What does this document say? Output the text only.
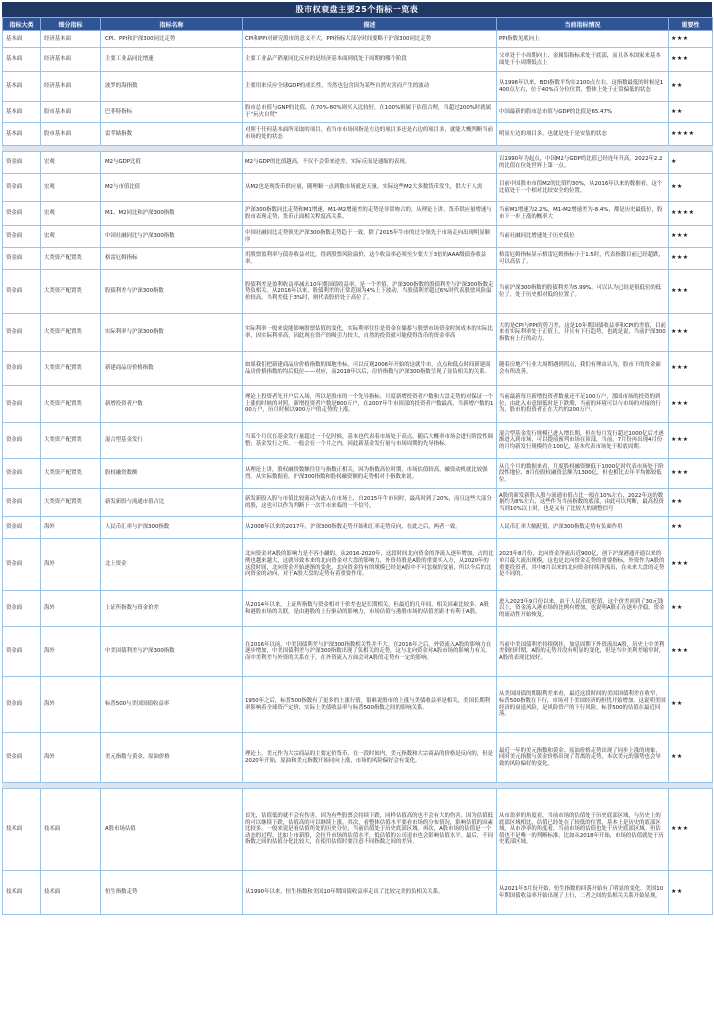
股市权衰盘主要25个指标一览表
指标大类	细分指标	指标名称	描述	当前指标情况	重要性
基本面	经济基本面	CPI、PPI和沪深300同比走势	CPI和PPI对研究股市的意义不大，PPI指标大部分时间要略于沪深300同比走势	PPI指数见底向上	★★★
基本面	经济基本面	主要工业品同比增速	主要工业品产销量同比反应的是经济基本面到底处于周期的哪个阶段	父单处于小周期向上，金属铝指标求处于底部，而且各本国家来基本面处于小周期低点上	★★★
基本面	经济基本面	波罗的海指数	主要用来反应全球GDP的成长性，当然也包含因为某些自然灾害而产生的波动	从1996年以来，BDI指数平均在2100点左右，这指数最低的时候是1400点左右，位于40%百分位位置，整体上处于正常偏低的状态	★★
基本面	股市基本面	巴菲特指标	股市总市值与GNP的比值，在70%-80%则买入比较好，在100%则属于估值合理，当超过200%时就属于“玩火自焚”	中国最新的股市总市值与GDP的比值是65.47%	★★
基本面	股市基本面	雷苹储指数	对照于任何基本面所采取的项目，看当市市场因指是左边的项目多还是右边的项目多，就能大概判断当前市场的处的状态	明显左边的项目多，也就是处于是安装的状态	★★★★

资金面	宏观	M2与GDP比值	M2与GDP的比值越高，不仅不会带来逆差，实际反而是通缩的表现。	以1990年为起点，中国M2与GDP的比值已经连年升高，2022年2.2的比值在位处世界上第一点。	★
资金面	宏观	M2与市值比值	从M2也是现货币供应量，随理顺一点到数市场就是天量，实际这些M2大多数货币发生，供大于人需	目前中国股市市值M2的比值约30%，从2016年以来的数据看，这个比值处于一个相对比较安全的位置。	★★
资金面	宏观	M1、M2同比和沪深300指数	沪深300指数同比走势和M1增速、M1-M2增速差的走势是非常吻合的。从理论上讲，货币供应量增速与股市表现走势，货币正面相关程度高关系。	当前M1增速为2.2%，M1-M2增速差为-8.4%，都是历史最低位，股市下一步上涨的概率大	★★★★
资金面	宏观	中国社融同比与沪深300指数	中国社融同比走势领先沪深300指数走势趋于一致，除了2015年牛市的过分领先于市场走向出现明显顺序	当前社融同比增速处于历史低位	★★★
资金面	大类资产配置类	格雷厄姆指标	用股票盈利率与债券收益对比，得到股票风险溢价，这个收益率必须至少要大于3倍的AAA级债券收益率。	格雷厄姆指标显示格雷厄姆指标小于1.5时，代表指数目前已经超跌，可以高估了。	★★★
资金面	大类资产配置类	股债利差与沪深300指数	股债利差是盈利收益率减去10年期国债收益率，是一个差值，沪深300指数的股债利差与沪深300指数走势负相关。从2016年以来，股债利差的正常范围为4%上下波动，当股债利差超过6%时代表股票风险溢价较高，当利差低于3%时，则代表股价处于高位了。	当前沪深300指数的股债利差为5.99%，可以认为已经是很低位的低位了，处于历史相对低的位置了。	★★★
资金面	大类资产配置类	实际利率与沪深300指数	实际利率一般来说能影响股票估值的变化，实际利率往往是资金在储蓄与股票市场资金时间成本的实际比率，因实际利率高，因此现在资产的吸引力较大，自然的投资就可能使得货币的资金率高	大的是CPI与PPI的剪刀差，这是10年期国债收益率和CPI的差值，目前来看实际利率处于正值上，并且有下行趋势，也就是说，当前沪深300指数有上行的动力。	★★★
资金面	大类资产配置类	新建商品房价格指数	如果我们把新建商品房价格指数的围地坐标，可以反观2006年开始的这就牛市，点点和低点时间新建商品房价格指数的均后低位——对应，而2018年以后，房价指数与沪深300指数呈现了显负相关的关系。	随着房地产行业大周期遇到拐点，我们有理由认为，股市下的资金面会有所改善。	★★★
资金面	大类资产配置类	新增投资者户数	理论上投资者先开户后入场，所以是股市的一个先导指标。月度新增投资者户数和大盘走势的对保证一个上涨的时候的对照，新增投资者户数是800万户，在2007年牛市顶部的投资者户数最高，当新增户数的100万户，历月时候以900万户的走势的上涨。	当前最新每月新增投资者数量还不足100万户，那国市场的投资的到位，由此入市意图低时是下跌期，当前的环境可以与市场的对接的行为，股市的投资者正在大约的200万户。	★★★
资金面	大类资产配置类	混合型基金发行	当某个月仅在基金发行量超过一千亿时候，基本也代表着市场处于高点，随后大概率市场会进行阶段性调整；基金发行之所，一般会在一个月之内，因此新基金发行量与市场周期的先导指标。	混合型基金发行规模已进入增长期，但在每月发行超过1000亿后才逐渐进入到市场，可以提前预判市场在顶部，当前，7月份再出现4月份的月均新发行规模约在100亿，基本代表市场处于积底周期。	★★★
资金面	大类资产配置类	股权融资数额	从理论上讲，股权融资数额往往与指数正相关，因为指数高位时期，市场估值较高，融资动机就比较强烈。从实际数据看，沪深300指数和股权融资额的走势相对于指数来说。	从几个月的数据来看，月度股权融资额低于1000亿时代表市场处于阶段性地位，8月份股权融资总额为1300亿，但也相比去年平均都较低位。	★★★
资金面	大类资产配置类	新发新股与流通市值占比	新发新股入股与市值比较流动为流入在市场上，自2015年牛市同时，最高时到了20%，而且这些大部分的股，这也可以作为判断下一次牛市来临的一个信号。	A股的新发新股入股与流通市值占比一般在10%左右，2022年这的数据约为8%左右，这些作为当前指数的底部，由此可以判断，最高投资当到10%以上时，也是又有了比较大的调整信号	★★
资金面	海外	人民币汇率与沪深300指数	从2008年以来的2017年，沪深300指数走势开始和汇率走势反向，在此之后，两者一致。	人民币汇率大幅贬值，沪深300指数走势有负面作用	★★
资金面	海外	北上资金	北向资金对A股的影响力是不容小觑的，从2016-2020年，这段时间北向资金的净流入逐年增加，占的比例也越来越大，这就导致本来的北向资金对大盘的影响力，外资持股是A股的重要买入方，从2020年的这段时间，北向资金开始逐渐的变化，北向资金持有的规模已经是A股中不可忽视的变量，所以今后的北向资金的动向，对于A股大盘的走势有着重要作用。	2023年8月份，北向资金净流出近900亿，创下沪深港通开通以来的单月最大流出规模，这也是北向资金走势的重要指标，外资作为A股的重要投资者，其中8月以来的北向资金持续净流出，在未来大盘的走势是不同的。	★★★
资金面	海外	上证所指数与资金价差	从2014年以来，上证所指数与资金相对于价差也是长期相关，但最近的几年间，相关因素比较多，A股和港股市场的关联，是由港股的上行驱动的影响力，市场估值与港股市场的估值差距才有利于A股。	进入2023年9月份以来，由于人民币的贬值，这个价差回到了30元钱以上，资金流入港市场的比例有增加，也说明A股正在逐步企稳，资金的流动性开始恢复。	★★
资金面	海外	中美国债利差与沪深300指数	在2016年以前，中美国债利差与沪深300指数相关性并不大。在2016年之后，外资流入A股的影响力在逐步增加，中美国债利差与沪深300指数出现了负相关的走势，这与北向资金对A股市场的影响力有关。而中美利差与外资的关系在于，在外资流入方面会对A股的走势有一定的影响。	当前中美国债利差持续倒挂，加息周期下外资流出A股，历史上中美利差倒挂时期，A股的走势并没有明显的变化，但是当中美利差缩窄时，A股的表现比较好。	★★★
资金面	海外	标普500与美国国债收益率	1950年之后，标普500指数有了更多的上涨行情，很难说股市的上涨与美债收益率是相关，美国长期利率影响着全球资产定价，实际上美债收益率与标普500指数之间的影响关系。	从美国国债的期限利差来看，最近这段时间的美国国债利差在收窄，标普500指数在下行，市场对于美国经济的担忧开始增加，这说明美国经济的衰退风险，是风险资产的下行风险，标普500的估值在最近回落。	★★
资金面	海外	美元指数与黄金、原油价格	理论上，美元作为大宗商品的主要定价货币，在一段时间内，美元指数和大宗商品的价格是反向的，但是2020年开始，原油和美元指数开始同向上涨，市场的风险偏好会有变化。	最近一年的美元指数和黄金、原油价格走势出现了同步上涨的现象，同时美元指数与黄金价格出现了背离的走势，本次美元的强势也会导致的风险偏好的变化。	★★

技术面	技术面	A股市场估值	首先，估值低的就不会有伤害，因为有些股票会持续下跌，同样估值高的也不会有大的伤害。因为估值低的可以继续下跌，估值高的可以继续上涨。其次，看整体估值水平要看市场的分布情况，影响估值的因素比较多，一般来说是看估值所处的历史分位，当前估值处于历史底部区域。再次，A股市场的估值是一个动态的过程，比如上市新股，会拉升市场的估值水平，低估值的公司退市也会影响估值水平。最后，不同指数之间的估值分化比较大，在使用估值时要注意不同指数之间的差异。	从市盈率的角度看，当前市场的估值处于历史底部区域，与历史上的底部区域相比，估值已经处在了较低的位置，基本上是历史的底部区域。从市净率的角度看，当前市场的估值也处于历史底部区域。但估值也不是唯一的判断标准，比如从2018年开始，市场的估值就处于历史底部区域。	★★★
技术面	技术面	恒生指数走势	从1990年以来，恒生指数和美国10年期国债收益率走出了比较完美的负相关关系。	从2021年3月份开始，恒生指数的回落开始有了明显的变化，美国10年期国债收益率开始出现了上行，二者之间的负相关关系开始显现。	★★
